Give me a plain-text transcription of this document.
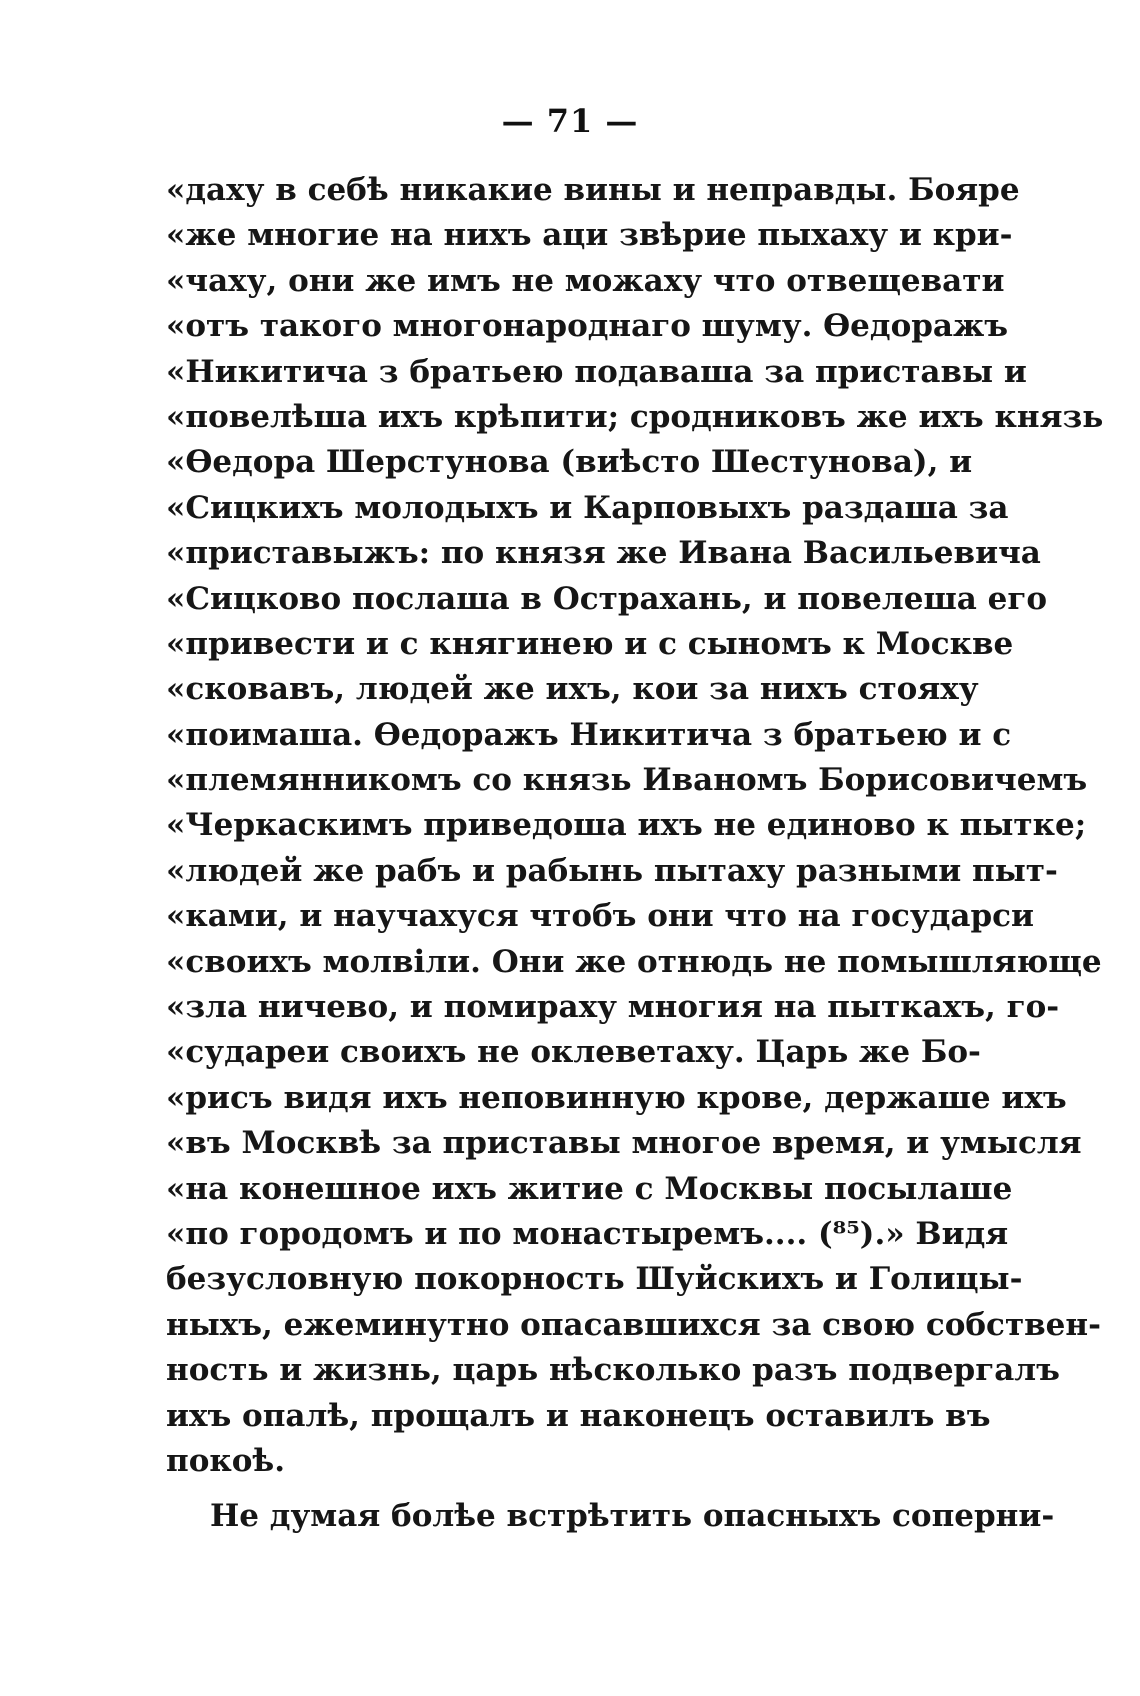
— 71 —
«даху в себѣ никакие вины и неправды. Бояре
«же многие на нихъ аци звѣрие пыхаху и кри-
«чаху, они же имъ не можаху что отвещевати
«отъ такого многонароднаго шуму. Өедоражъ
«Никитича з братьею подаваша за приставы и
«повелѣша ихъ крѣпити; сродниковъ же ихъ князь
«Өедора Шерстунова (виѣсто Шестунова), и
«Сицкихъ молодыхъ и Карповыхъ раздаша за
«приставыжъ: по князя же Ивана Васильевича
«Сицково послаша в Острахань, и повелеша его
«привести и с княгинею и с сыномъ к Москве
«сковавъ, людей же ихъ, кои за нихъ стояху
«поимаша. Өедоражъ Никитича з братьею и с
«племянникомъ со князь Иваномъ Борисовичемъ
«Черкаскимъ приведоша ихъ не единово к пытке;
«людей же рабъ и рабынь пытаху разными пыт-
«ками, и научахуся чтобъ они что на государси
«своихъ молвіли. Они же отнюдь не помышляюще
«зла ничево, и помираху многия на пыткахъ, го-
«судареи своихъ не оклеветаху. Царь же Бо-
«рисъ видя ихъ неповинную крове, держаше ихъ
«въ Москвѣ за приставы многое время, и умысля
«на конешное ихъ житие с Москвы посылаше
«по городомъ и по монастыремъ.... (⁸⁵).» Видя
безусловную покорность Шуйскихъ и Голицы-
ныхъ, ежеминутно опасавшихся за свою собствен-
ность и жизнь, царь нѣсколько разъ подвергалъ
ихъ опалѣ, прощалъ и наконецъ оставилъ въ
покоѣ.
Не думая болѣе встрѣтить опасныхъ соперни-
